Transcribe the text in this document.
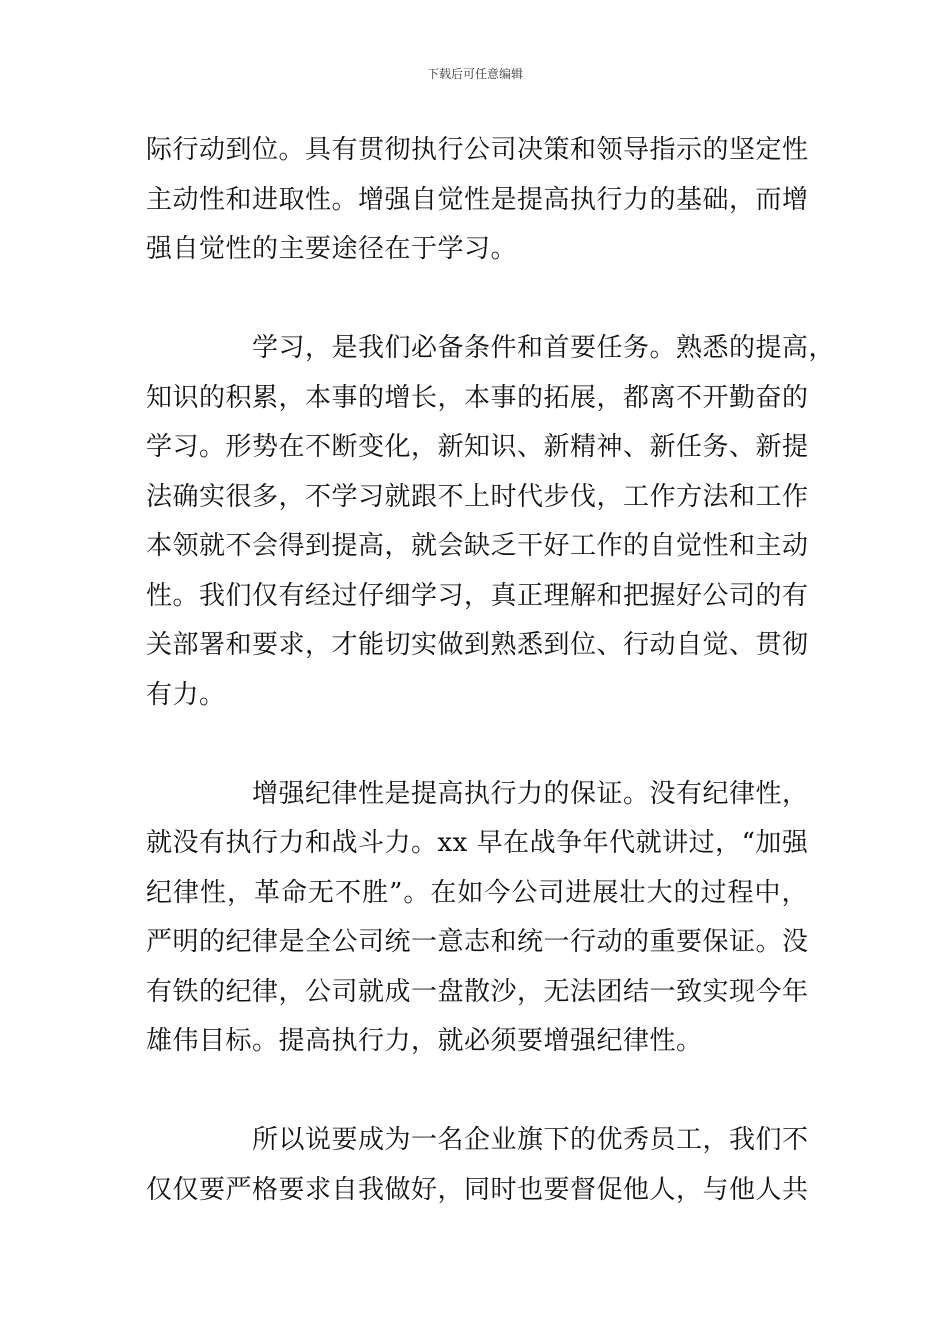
下载后可任意编辑
际行动到位。具有贯彻执行公司决策和领导指示的坚定性
主动性和进取性。增强自觉性是提高执行力的基础，而增
强自觉性的主要途径在于学习。
学习，是我们必备条件和首要任务。熟悉的提高，
知识的积累，本事的增长，本事的拓展，都离不开勤奋的
学习。形势在不断变化，新知识、新精神、新任务、新提
法确实很多，不学习就跟不上时代步伐，工作方法和工作
本领就不会得到提高，就会缺乏干好工作的自觉性和主动
性。我们仅有经过仔细学习，真正理解和把握好公司的有
关部署和要求，才能切实做到熟悉到位、行动自觉、贯彻
有力。
增强纪律性是提高执行力的保证。没有纪律性，
就没有执行力和战斗力。xx 早在战争年代就讲过，“加强
纪律性，革命无不胜”。在如今公司进展壮大的过程中，
严明的纪律是全公司统一意志和统一行动的重要保证。没
有铁的纪律，公司就成一盘散沙，无法团结一致实现今年
雄伟目标。提高执行力，就必须要增强纪律性。
所以说要成为一名企业旗下的优秀员工，我们不
仅仅要严格要求自我做好，同时也要督促他人，与他人共
